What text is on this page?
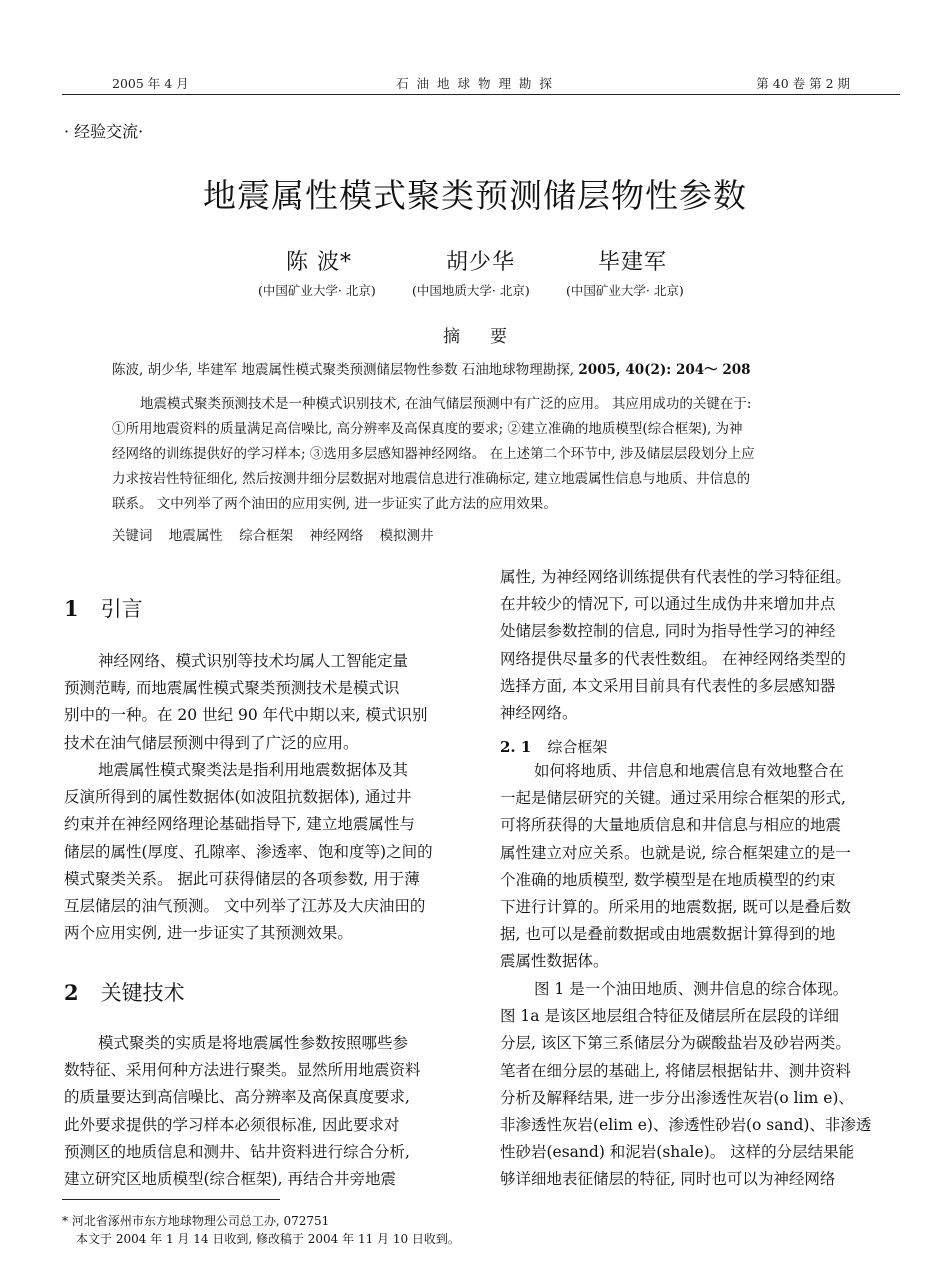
2005 年 4 月	石 油 地 球 物 理 勘 探	第 40 卷 第 2 期
· 经验交流·
地震属性模式聚类预测储层物性参数
陈 波*	胡少华	毕建军
(中国矿业大学· 北京)	(中国地质大学· 北京)	(中国矿业大学· 北京)
摘要
陈波, 胡少华, 毕建军 地震属性模式聚类预测储层物性参数 石油地球物理勘探, 2005, 40(2): 204～ 208
地震模式聚类预测技术是一种模式识别技术, 在油气储层预测中有广泛的应用。 其应用成功的关键在于:
①所用地震资料的质量满足高信噪比, 高分辨率及高保真度的要求; ②建立准确的地质模型(综合框架), 为神
经网络的训练提供好的学习样本; ③选用多层感知器神经网络。 在上述第二个环节中, 涉及储层层段划分上应
力求按岩性特征细化, 然后按测井细分层数据对地震信息进行准确标定, 建立地震属性信息与地质、井信息的
联系。 文中列举了两个油田的应用实例, 进一步证实了此方法的应用效果。
关键词 地震属性 综合框架 神经网络 模拟测井
1 引言
神经网络、模式识别等技术均属人工智能定量
预测范畴, 而地震属性模式聚类预测技术是模式识
别中的一种。在 20 世纪 90 年代中期以来, 模式识别
技术在油气储层预测中得到了广泛的应用。
地震属性模式聚类法是指利用地震数据体及其
反演所得到的属性数据体(如波阻抗数据体), 通过井
约束并在神经网络理论基础指导下, 建立地震属性与
储层的属性(厚度、孔隙率、渗透率、饱和度等)之间的
模式聚类关系。 据此可获得储层的各项参数, 用于薄
互层储层的油气预测。 文中列举了江苏及大庆油田的
两个应用实例, 进一步证实了其预测效果。
2 关键技术
模式聚类的实质是将地震属性参数按照哪些参
数特征、采用何种方法进行聚类。显然所用地震资料
的质量要达到高信噪比、高分辨率及高保真度要求,
此外要求提供的学习样本必须很标准, 因此要求对
预测区的地质信息和测井、钻井资料进行综合分析,
建立研究区地质模型(综合框架), 再结合井旁地震
属性, 为神经网络训练提供有代表性的学习特征组。
在井较少的情况下, 可以通过生成伪井来增加井点
处储层参数控制的信息, 同时为指导性学习的神经
网络提供尽量多的代表性数组。 在神经网络类型的
选择方面, 本文采用目前具有代表性的多层感知器
神经网络。
2. 1 综合框架
如何将地质、井信息和地震信息有效地整合在
一起是储层研究的关键。通过采用综合框架的形式,
可将所获得的大量地质信息和井信息与相应的地震
属性建立对应关系。也就是说, 综合框架建立的是一
个准确的地质模型, 数学模型是在地质模型的约束
下进行计算的。所采用的地震数据, 既可以是叠后数
据, 也可以是叠前数据或由地震数据计算得到的地
震属性数据体。
图 1 是一个油田地质、测井信息的综合体现。
图 1a 是该区地层组合特征及储层所在层段的详细
分层, 该区下第三系储层分为碳酸盐岩及砂岩两类。
笔者在细分层的基础上, 将储层根据钻井、测井资料
分析及解释结果, 进一步分出渗透性灰岩(o lim e)、
非渗透性灰岩(elim e)、渗透性砂岩(o sand)、非渗透
性砂岩(esand) 和泥岩(shale)。 这样的分层结果能
够详细地表征储层的特征, 同时也可以为神经网络
* 河北省涿州市东方地球物理公司总工办, 072751
本文于 2004 年 1 月 14 日收到, 修改稿于 2004 年 11 月 10 日收到。
